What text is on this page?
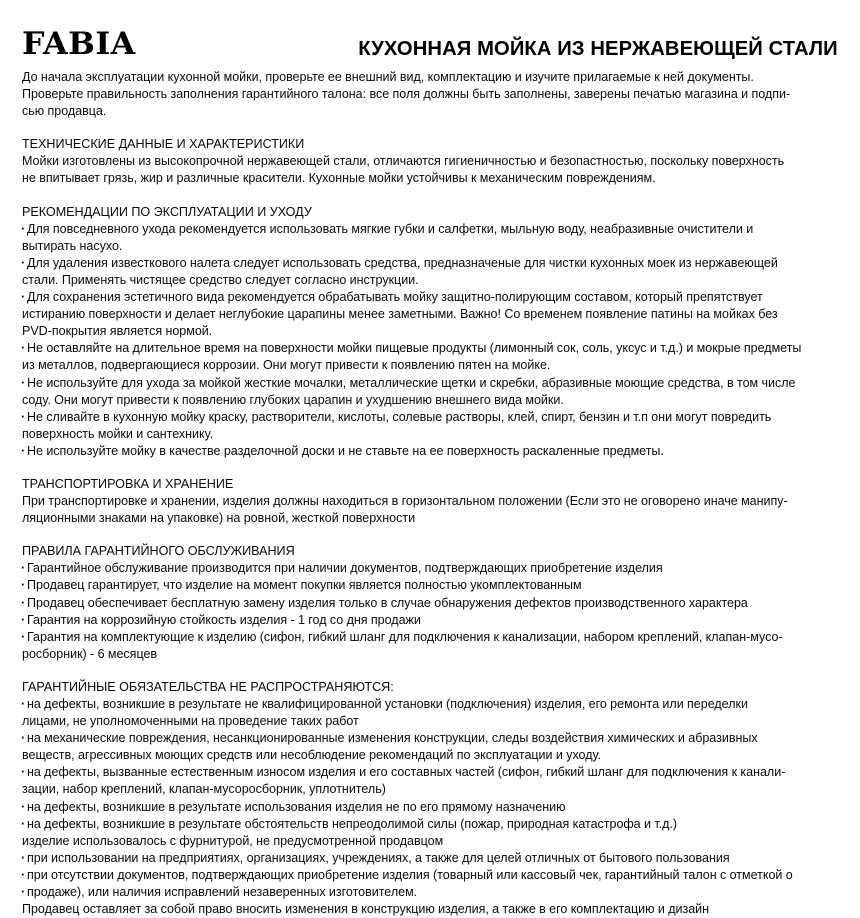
FABIA	КУХОННАЯ МОЙКА ИЗ НЕРЖАВЕЮЩЕЙ СТАЛИ

До начала эксплуатации кухонной мойки, проверьте ее внешний вид, комплектацию и изучите прилагаемые к ней документы.

Проверьте правильность заполнения гарантийного талона: все поля должны быть заполнены, заверены печатью магазина и подпи-

сью продавца.

ТЕХНИЧЕСКИЕ ДАННЫЕ И ХАРАКТЕРИСТИКИ

Мойки изготовлены из высокопрочной нержавеющей стали, отличаются гигиеничностью и безопастностью, поскольку поверхность

не впитывает грязь, жир и различные красители. Кухонные мойки устойчивы к механическим повреждениям.

РЕКОМЕНДАЦИИ ПО ЭКСПЛУАТАЦИИ И УХОДУ

· Для повседневного ухода рекомендуется использовать мягкие губки и салфетки, мыльную воду, неабразивные очистители и

вытирать насухо.

· Для удаления известкового налета следует использовать средства, предназначеные для чистки кухонных моек из нержавеющей

стали. Применять чистящее средство следует согласно инструкции.

· Для сохранения эстетичного вида рекомендуется обрабатывать мойку защитно-полирующим составом, который препятствует

истиранию поверхности и делает неглубокие царапины менее заметными. Важно! Со временем появление патины на мойках без

PVD-покрытия является нормой.

· Не оставляйте на длительное время на поверхности мойки пищевые продукты (лимонный сок, соль, уксус и т.д.) и мокрые предметы

из металлов, подвергающиеся коррозии. Они могут привести к появлению пятен на мойке.

· Не используйте для ухода за мойкой жесткие мочалки, металлические щетки и скребки, абразивные моющие средства, в том числе

соду. Они могут привести к появлению глубоких царапин и ухудшению внешнего вида мойки.

· Не сливайте в кухонную мойку краску, растворители, кислоты, солевые растворы, клей, спирт, бензин и т.п они могут повредить

поверхность мойки и сантехнику.

· Не используйте мойку в качестве разделочной доски и не ставьте на ее поверхность раскаленные предметы.

ТРАНСПОРТИРОВКА И ХРАНЕНИЕ

При транспортировке и хранении, изделия должны находиться в горизонтальном положении (Если это не оговорено иначе манипу-

ляционными знаками на упаковке) на ровной, жесткой поверхности

ПРАВИЛА ГАРАНТИЙНОГО ОБСЛУЖИВАНИЯ

· Гарантийное обслуживание производится при наличии документов, подтверждающих приобретение изделия

· Продавец гарантирует, что изделие на момент покупки является полностью укомплектованным

· Продавец обеспечивает бесплатную замену изделия только в случае обнаружения дефектов производственного характера

· Гарантия на коррозийную стойкость изделия - 1 год со дня продажи

· Гарантия на комплектующие к изделию (сифон, гибкий шланг для подключения к канализации, набором креплений, клапан-мусо-

росборник) - 6 месяцев

ГАРАНТИЙНЫЕ ОБЯЗАТЕЛЬСТВА НЕ РАСПРОСТРАНЯЮТСЯ:

· на дефекты, возникшие в результате не квалифицированной установки (подключения) изделия, его ремонта или переделки

лицами, не уполномоченными на проведение таких работ

· на механические повреждения, несанкционированные изменения конструкции, следы воздействия химических и абразивных

веществ, агрессивных моющих средств или несоблюдение рекомендаций по эксплуатации и уходу.

· на дефекты, вызванные естественным износом изделия и его составных частей (сифон, гибкий шланг для подключения к канали-

зации, набор креплений, клапан-мусоросборник, уплотнитель)

· на дефекты, возникшие в результате использования изделия не по его прямому назначению

· на дефекты, возникшие в результате обстоятельств непреодолимой силы (пожар, природная катастрофа и т.д.)

изделие использовалось с фурнитурой, не предусмотренной продавцом

· при использовании на предприятиях, организациях, учреждениях, а также для целей отличных от бытового пользования

· при отсутствии документов, подтверждающих приобретение изделия (товарный или кассовый чек, гарантийный талон с отметкой о

· продаже), или наличия исправлений незаверенных изготовителем.

Продавец оставляет за собой право вносить изменения в конструкцию изделия, а также в его комплектацию и дизайн
